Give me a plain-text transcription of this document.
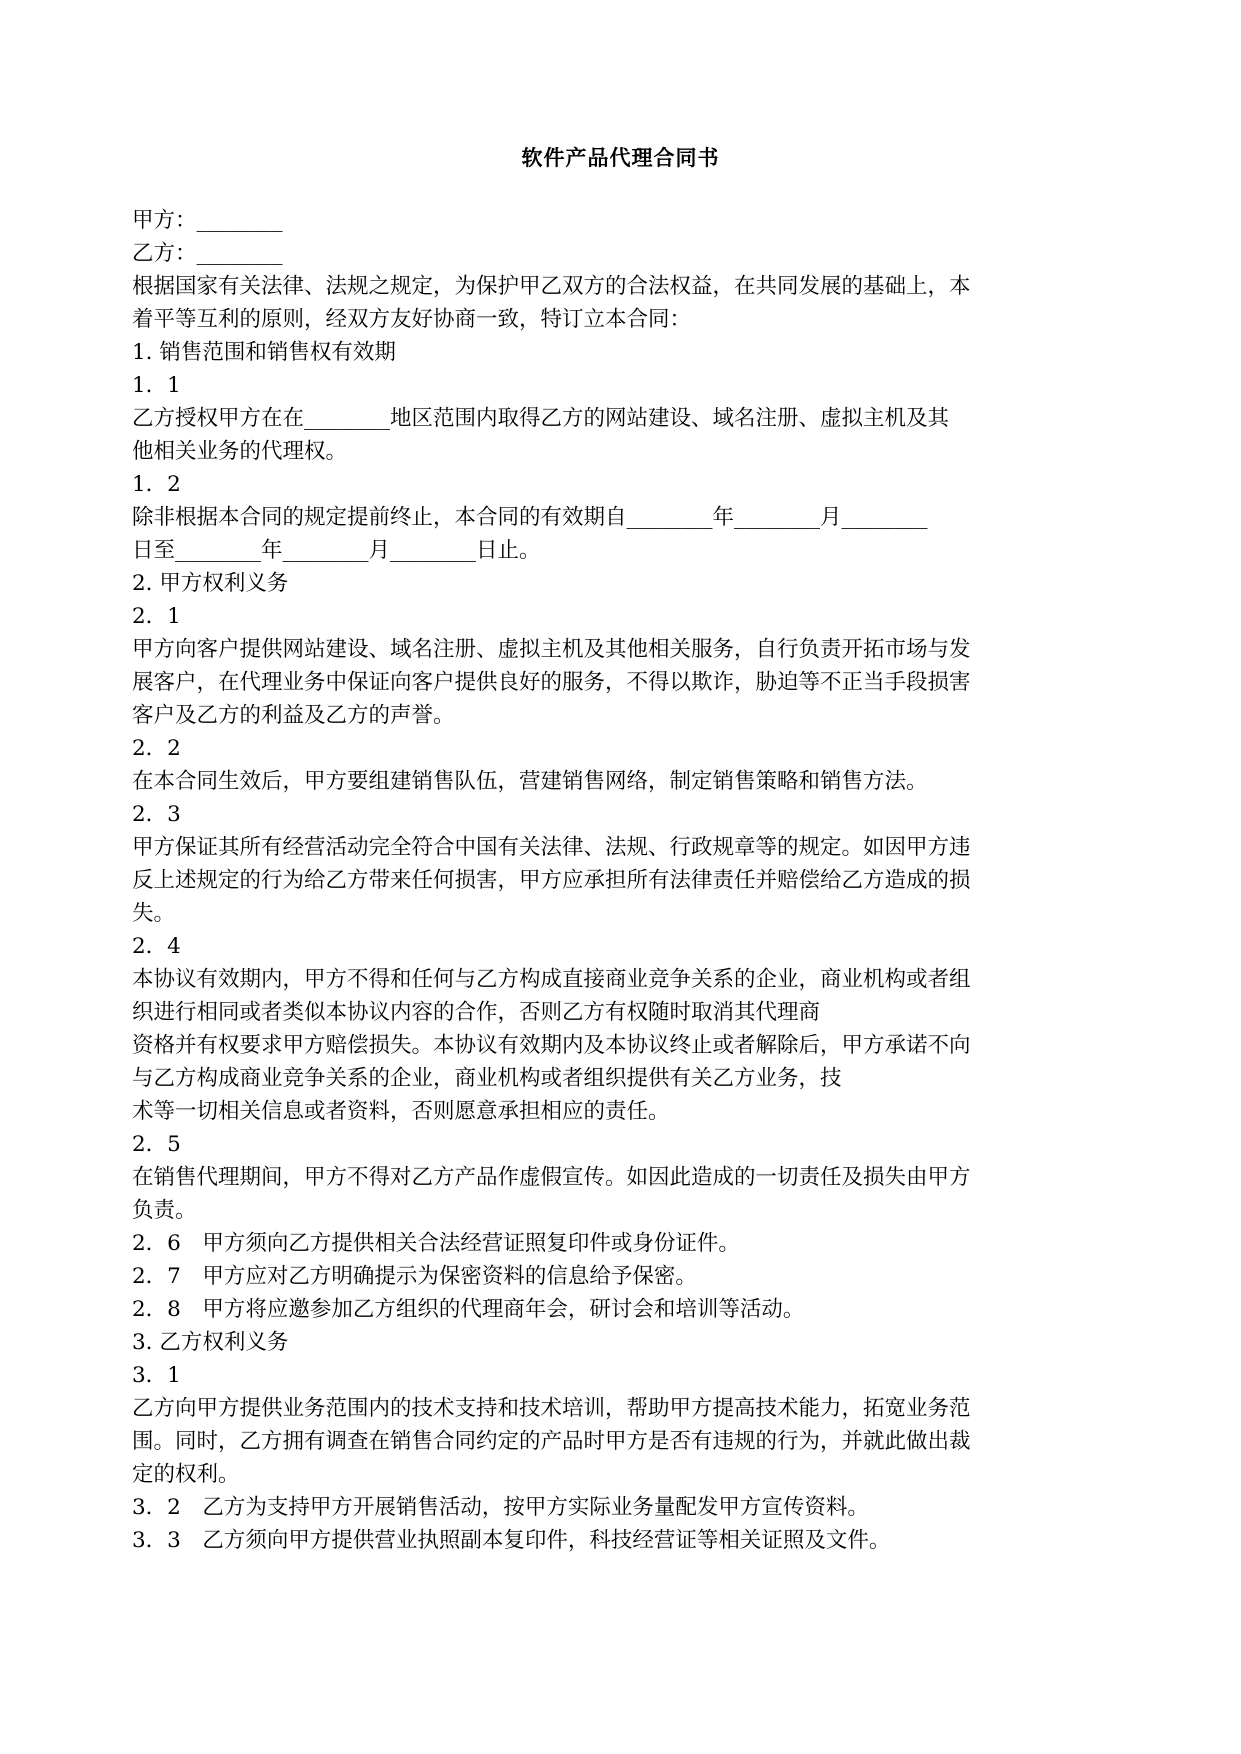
软件产品代理合同书
甲方：________
乙方：________
根据国家有关法律、法规之规定，为保护甲乙双方的合法权益，在共同发展的基础上，本
着平等互利的原则，经双方友好协商一致，特订立本合同：
1. 销售范围和销售权有效期
1．1
乙方授权甲方在在________地区范围内取得乙方的网站建设、域名注册、虚拟主机及其
他相关业务的代理权。
1．2
除非根据本合同的规定提前终止，本合同的有效期自________年________月________
日至________年________月________日止。
2. 甲方权利义务
2．1
甲方向客户提供网站建设、域名注册、虚拟主机及其他相关服务，自行负责开拓市场与发
展客户，在代理业务中保证向客户提供良好的服务，不得以欺诈，胁迫等不正当手段损害
客户及乙方的利益及乙方的声誉。
2．2
在本合同生效后，甲方要组建销售队伍，营建销售网络，制定销售策略和销售方法。
2．3
甲方保证其所有经营活动完全符合中国有关法律、法规、行政规章等的规定。如因甲方违
反上述规定的行为给乙方带来任何损害，甲方应承担所有法律责任并赔偿给乙方造成的损
失。
2．4
本协议有效期内，甲方不得和任何与乙方构成直接商业竞争关系的企业，商业机构或者组
织进行相同或者类似本协议内容的合作，否则乙方有权随时取消其代理商
资格并有权要求甲方赔偿损失。本协议有效期内及本协议终止或者解除后，甲方承诺不向
与乙方构成商业竞争关系的企业，商业机构或者组织提供有关乙方业务，技
术等一切相关信息或者资料，否则愿意承担相应的责任。
2．5
在销售代理期间，甲方不得对乙方产品作虚假宣传。如因此造成的一切责任及损失由甲方
负责。
2．6　甲方须向乙方提供相关合法经营证照复印件或身份证件。
2．7　甲方应对乙方明确提示为保密资料的信息给予保密。
2．8　甲方将应邀参加乙方组织的代理商年会，研讨会和培训等活动。
3. 乙方权利义务
3．1
乙方向甲方提供业务范围内的技术支持和技术培训，帮助甲方提高技术能力，拓宽业务范
围。同时，乙方拥有调查在销售合同约定的产品时甲方是否有违规的行为，并就此做出裁
定的权利。
3．2　乙方为支持甲方开展销售活动，按甲方实际业务量配发甲方宣传资料。
3．3　乙方须向甲方提供营业执照副本复印件，科技经营证等相关证照及文件。
